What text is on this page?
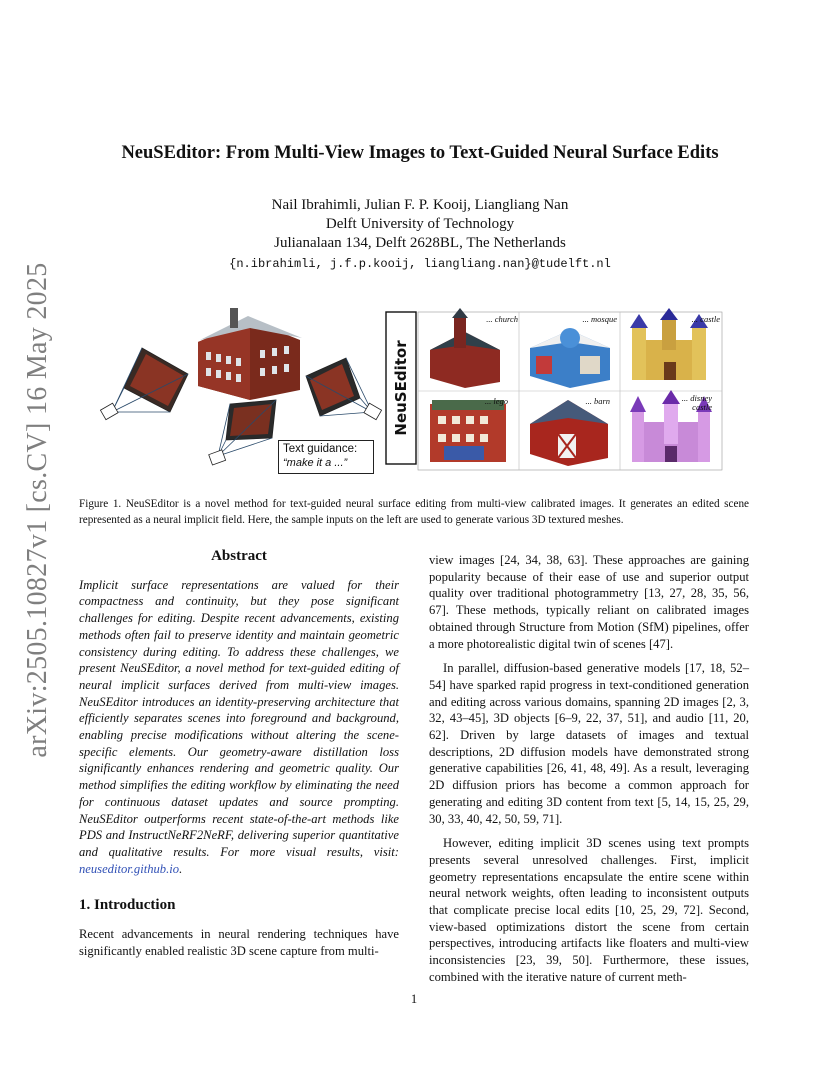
arXiv:2505.10827v1 [cs.CV] 16 May 2025
NeuSEditor: From Multi-View Images to Text-Guided Neural Surface Edits
Nail Ibrahimli, Julian F. P. Kooij, Liangliang Nan
Delft University of Technology
Julianalaan 134, Delft 2628BL, The Netherlands
{n.ibrahimli, j.f.p.kooij, liangliang.nan}@tudelft.nl
NeuSEditor
Text guidance:
“make it a ...”
... church	... mosque	... castle
... lego	... barn	... disney castle
Figure 1. NeuSEditor is a novel method for text-guided neural surface editing from multi-view calibrated images. It generates an edited scene represented as a neural implicit field. Here, the sample inputs on the left are used to generate various 3D textured meshes.
Abstract

Implicit surface representations are valued for their compactness and continuity, but they pose significant challenges for editing. Despite recent advancements, existing methods often fail to preserve identity and maintain geometric consistency during editing. To address these challenges, we present NeuSEditor, a novel method for text-guided editing of neural implicit surfaces derived from multi-view images. NeuSEditor introduces an identity-preserving architecture that efficiently separates scenes into foreground and background, enabling precise modifications without altering the scene-specific elements. Our geometry-aware distillation loss significantly enhances rendering and geometric quality. Our method simplifies the editing workflow by eliminating the need for continuous dataset updates and source prompting. NeuSEditor outperforms recent state-of-the-art methods like PDS and InstructNeRF2NeRF, delivering superior quantitative and qualitative results. For more visual results, visit: neuseditor.github.io.

1. Introduction

Recent advancements in neural rendering techniques have significantly enabled realistic 3D scene capture from multi-

view images [24, 34, 38, 63]. These approaches are gaining popularity because of their ease of use and superior output quality over traditional photogrammetry [13, 27, 28, 35, 56, 67]. These methods, typically reliant on calibrated images obtained through Structure from Motion (SfM) pipelines, offer a more photorealistic digital twin of scenes [47].

In parallel, diffusion-based generative models [17, 18, 52–54] have sparked rapid progress in text-conditioned generation and editing across various domains, spanning 2D images [2, 3, 32, 43–45], 3D objects [6–9, 22, 37, 51], and audio [11, 20, 62]. Driven by large datasets of images and textual descriptions, 2D diffusion models have demonstrated strong generative capabilities [26, 41, 48, 49]. As a result, leveraging 2D diffusion priors has become a common approach for generating and editing 3D content from text [5, 14, 15, 25, 29, 30, 33, 40, 42, 50, 59, 71].

However, editing implicit 3D scenes using text prompts presents several unresolved challenges. First, implicit geometry representations encapsulate the entire scene within neural network weights, often leading to inconsistent outputs that complicate precise local edits [10, 25, 29, 72]. Second, view-based optimizations distort the scene from certain perspectives, introducing artifacts like floaters and multi-view inconsistencies [23, 39, 50]. Furthermore, these issues, combined with the iterative nature of current meth-

1
